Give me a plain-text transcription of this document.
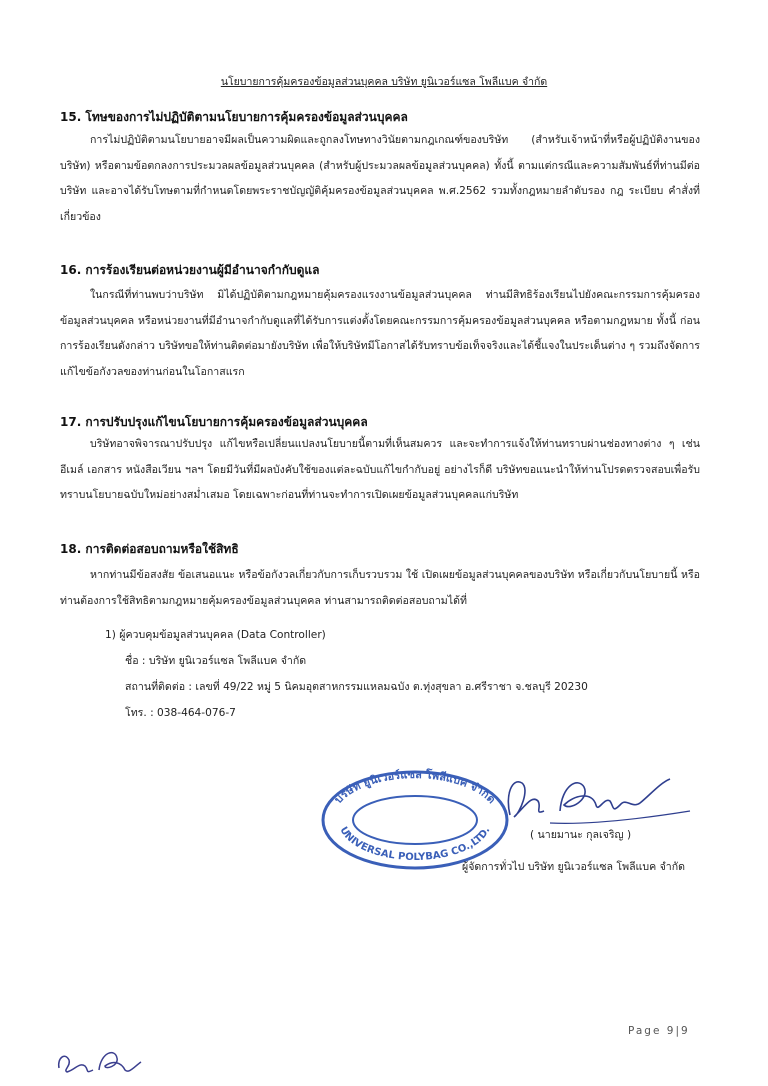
นโยบายการคุ้มครองข้อมูลส่วนบุคคล บริษัท ยูนิเวอร์แซล โพลีแบค จำกัด
15. โทษของการไม่ปฏิบัติตามนโยบายการคุ้มครองข้อมูลส่วนบุคคล
การไม่ปฏิบัติตามนโยบายอาจมีผลเป็นความผิดและถูกลงโทษทางวินัยตามกฎเกณฑ์ของบริษัท (สำหรับเจ้าหน้าที่หรือผู้ปฏิบัติงานของบริษัท) หรือตามข้อตกลงการประมวลผลข้อมูลส่วนบุคคล (สำหรับผู้ประมวลผลข้อมูลส่วนบุคคล) ทั้งนี้ ตามแต่กรณีและความสัมพันธ์ที่ท่านมีต่อบริษัท และอาจได้รับโทษตามที่กำหนดโดยพระราชบัญญัติคุ้มครองข้อมูลส่วนบุคคล พ.ศ.2562 รวมทั้งกฎหมายลำดับรอง กฎ ระเบียบ คำสั่งที่เกี่ยวข้อง
16. การร้องเรียนต่อหน่วยงานผู้มีอำนาจกำกับดูแล
ในกรณีที่ท่านพบว่าบริษัท มิได้ปฏิบัติตามกฎหมายคุ้มครองแรงงานข้อมูลส่วนบุคคล ท่านมีสิทธิร้องเรียนไปยังคณะกรรมการคุ้มครองข้อมูลส่วนบุคคล หรือหน่วยงานที่มีอำนาจกำกับดูแลที่ได้รับการแต่งตั้งโดยคณะกรรมการคุ้มครองข้อมูลส่วนบุคคล หรือตามกฎหมาย ทั้งนี้ ก่อนการร้องเรียนดังกล่าว บริษัทขอให้ท่านติดต่อมายังบริษัท เพื่อให้บริษัทมีโอกาสได้รับทราบข้อเท็จจริงและได้ชี้แจงในประเด็นต่าง ๆ รวมถึงจัดการแก้ไขข้อกังวลของท่านก่อนในโอกาสแรก
17. การปรับปรุงแก้ไขนโยบายการคุ้มครองข้อมูลส่วนบุคคล
บริษัทอาจพิจารณาปรับปรุง แก้ไขหรือเปลี่ยนแปลงนโยบายนี้ตามที่เห็นสมควร และจะทำการแจ้งให้ท่านทราบผ่านช่องทางต่าง ๆ เช่น อีเมล์ เอกสาร หนังสือเวียน ฯลฯ โดยมีวันที่มีผลบังคับใช้ของแต่ละฉบับแก้ไขกำกับอยู่ อย่างไรก็ดี บริษัทขอแนะนำให้ท่านโปรดตรวจสอบเพื่อรับทราบนโยบายฉบับใหม่อย่างสม่ำเสมอ โดยเฉพาะก่อนที่ท่านจะทำการเปิดเผยข้อมูลส่วนบุคคลแก่บริษัท
18. การติดต่อสอบถามหรือใช้สิทธิ
หากท่านมีข้อสงสัย ข้อเสนอแนะ หรือข้อกังวลเกี่ยวกับการเก็บรวบรวม ใช้ เปิดเผยข้อมูลส่วนบุคคลของบริษัท หรือเกี่ยวกับนโยบายนี้ หรือท่านต้องการใช้สิทธิตามกฎหมายคุ้มครองข้อมูลส่วนบุคคล ท่านสามารถติดต่อสอบถามได้ที่
1) ผู้ควบคุมข้อมูลส่วนบุคคล (Data Controller)
ชื่อ : บริษัท ยูนิเวอร์แซล โพลีแบค จำกัด
สถานที่ติดต่อ : เลขที่ 49/22 หมู่ 5 นิคมอุตสาหกรรมแหลมฉบัง ต.ทุ่งสุขลา อ.ศรีราชา จ.ชลบุรี 20230
โทร. : 038-464-076-7
บริษัท ยูนิเวอร์แซล โพลีแบค จำกัด
UNIVERSAL POLYBAG CO.,LTD.	( นายมานะ กุลเจริญ )
ผู้จัดการทั่วไป บริษัท ยูนิเวอร์แซล โพลีแบค จำกัด
Page 9|9
